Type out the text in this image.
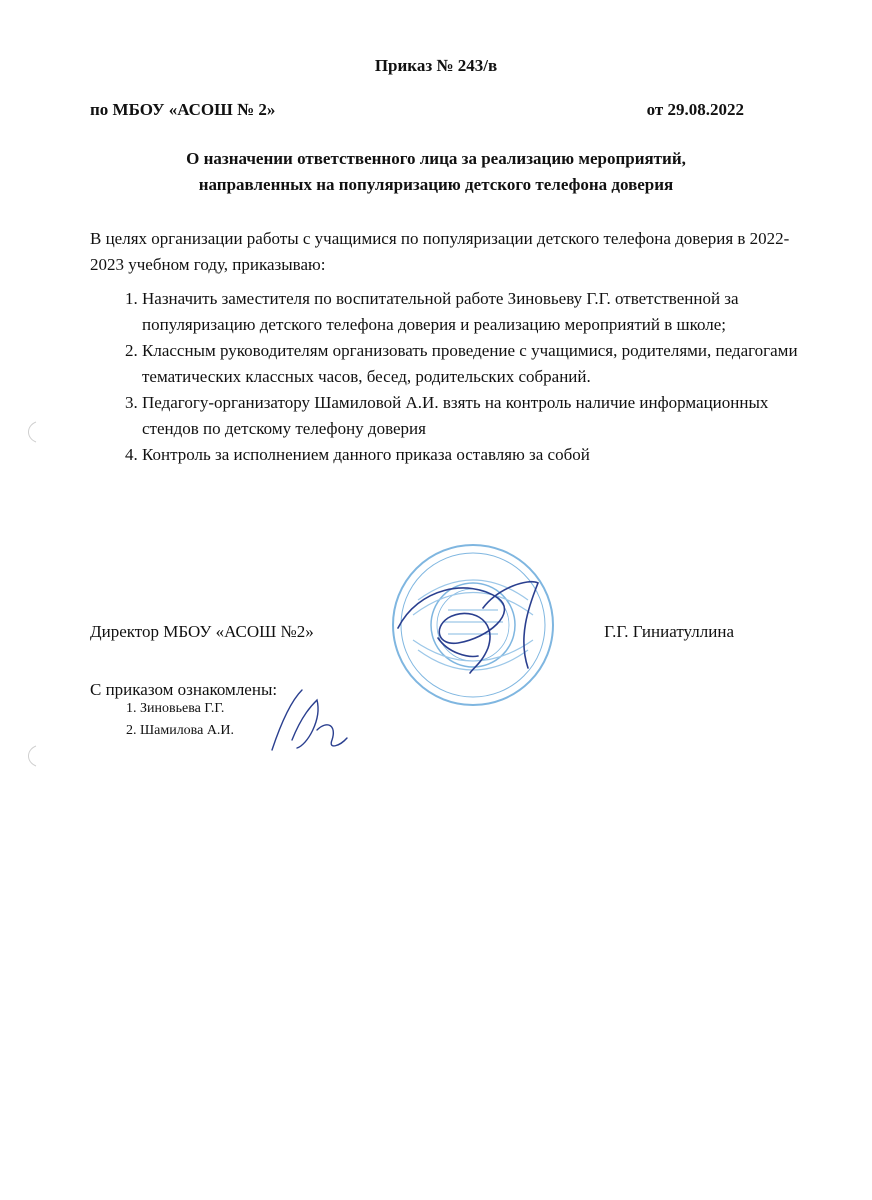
Приказ № 243/в
по МБОУ «АСОШ № 2»	от 29.08.2022
О назначении ответственного лица за реализацию мероприятий,
направленных на популяризацию детского телефона доверия
В целях организации работы с учащимися по популяризации детского телефона доверия в 2022-2023 учебном году, приказываю:
1. Назначить заместителя по воспитательной работе Зиновьеву Г.Г. ответственной за популяризацию детского телефона доверия и реализацию мероприятий в школе;
2. Классным руководителям организовать проведение с учащимися, родителями, педагогами тематических классных часов, бесед, родительских собраний.
3. Педагогу-организатору Шамиловой А.И. взять на контроль наличие информационных стендов по детскому телефону доверия
4. Контроль за исполнением данного приказа оставляю за собой
Директор МБОУ «АСОШ №2»	Г.Г. Гиниатуллина
С приказом ознакомлены:
1. Зиновьева Г.Г.
2. Шамилова А.И.
